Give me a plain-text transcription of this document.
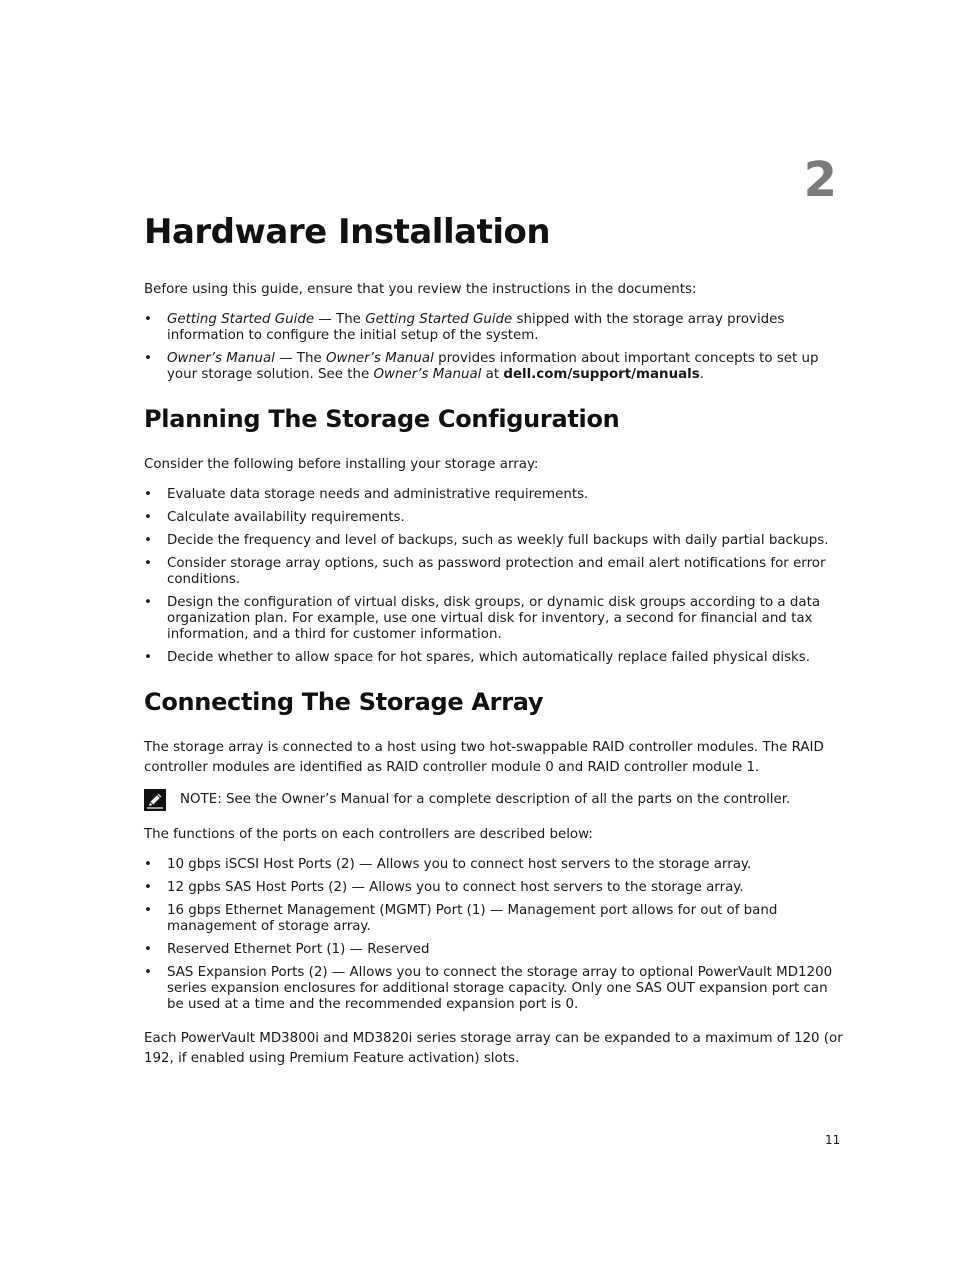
2
Hardware Installation

Before using this guide, ensure that you review the instructions in the documents:

• Getting Started Guide — The Getting Started Guide shipped with the storage array provides information to configure the initial setup of the system.
• Owner’s Manual — The Owner’s Manual provides information about important concepts to set up your storage solution. See the Owner’s Manual at dell.com/support/manuals.
Planning The Storage Configuration

Consider the following before installing your storage array:

• Evaluate data storage needs and administrative requirements.
• Calculate availability requirements.
• Decide the frequency and level of backups, such as weekly full backups with daily partial backups.
• Consider storage array options, such as password protection and email alert notifications for error conditions.
• Design the configuration of virtual disks, disk groups, or dynamic disk groups according to a data organization plan. For example, use one virtual disk for inventory, a second for financial and tax information, and a third for customer information.
• Decide whether to allow space for hot spares, which automatically replace failed physical disks.
Connecting The Storage Array

The storage array is connected to a host using two hot-swappable RAID controller modules. The RAID controller modules are identified as RAID controller module 0 and RAID controller module 1.

NOTE: See the Owner’s Manual for a complete description of all the parts on the controller.

The functions of the ports on each controllers are described below:

• 10 gbps iSCSI Host Ports (2) — Allows you to connect host servers to the storage array.
• 12 gpbs SAS Host Ports (2) — Allows you to connect host servers to the storage array.
• 16 gbps Ethernet Management (MGMT) Port (1) — Management port allows for out of band management of storage array.
• Reserved Ethernet Port (1) — Reserved
• SAS Expansion Ports (2) — Allows you to connect the storage array to optional PowerVault MD1200 series expansion enclosures for additional storage capacity. Only one SAS OUT expansion port can be used at a time and the recommended expansion port is 0.

Each PowerVault MD3800i and MD3820i series storage array can be expanded to a maximum of 120 (or 192, if enabled using Premium Feature activation) slots.

11
